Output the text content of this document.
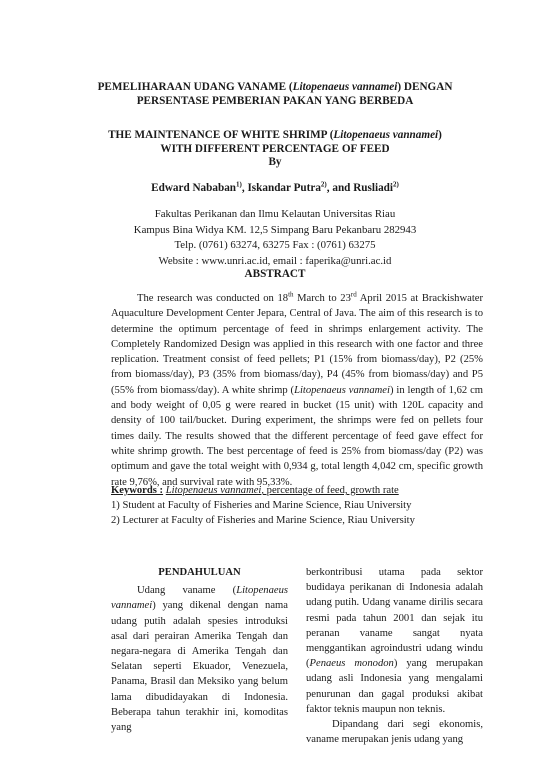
PEMELIHARAAN UDANG VANAME (Litopenaeus vannamei) DENGAN PERSENTASE PEMBERIAN PAKAN YANG BERBEDA
THE MAINTENANCE OF WHITE SHRIMP (Litopenaeus vannamei) WITH DIFFERENT PERCENTAGE OF FEED
By
Edward Nababan$^{1)}$, Iskandar Putra$^{2)}$, and Rusliadi$^{2)}$
Fakultas Perikanan dan Ilmu Kelautan Universitas Riau
Kampus Bina Widya KM. 12,5 Simpang Baru Pekanbaru 282943
Telp. (0761) 63274, 63275 Fax : (0761) 63275
Website : www.unri.ac.id, email : faperika@unri.ac.id
ABSTRACT

The research was conducted on 18th March to 23rd April 2015 at Brackishwater Aquaculture Development Center Jepara, Central of Java. The aim of this research is to determine the optimum percentage of feed in shrimps enlargement activity. The Completely Randomized Design was applied in this research with one factor and three replication. Treatment consist of feed pellets; P1 (15% from biomass/day), P2 (25% from biomass/day), P3 (35% from biomass/day), P4 (45% from biomass/day) and P5 (55% from biomass/day). A white shrimp (Litopenaeus vannamei) in length of 1,62 cm and body weight of 0,05 g were reared in bucket (15 unit) with 120L capacity and density of 100 tail/bucket. During experiment, the shrimps were fed on pellets four times daily. The results showed that the different percentage of feed gave effect for white shrimp growth. The best percentage of feed is 25% from biomass/day (P2) was optimum and gave the total weight with 0,934 g, total length 4,042 cm, specific growth rate 9,76%, and survival rate with 95,33%.

Keywords : Litopenaeus vannamei, percentage of feed, growth rate
1) Student at Faculty of Fisheries and Marine Science, Riau University
2) Lecturer at Faculty of Fisheries and Marine Science, Riau University
PENDAHULUAN

Udang vaname (Litopenaeus vannamei) yang dikenal dengan nama udang putih adalah spesies introduksi asal dari perairan Amerika Tengah dan negara-negara di Amerika Tengah dan Selatan seperti Ekuador, Venezuela, Panama, Brasil dan Meksiko yang belum lama dibudidayakan di Indonesia. Beberapa tahun terakhir ini, komoditas yang

berkontribusi utama pada sektor budidaya perikanan di Indonesia adalah udang putih. Udang vaname dirilis secara resmi pada tahun 2001 dan sejak itu peranan vaname sangat nyata menggantikan agroindustri udang windu (Penaeus monodon) yang merupakan udang asli Indonesia yang mengalami penurunan dan gagal produksi akibat faktor teknis maupun non teknis.

Dipandang dari segi ekonomis, vaname merupakan jenis udang yang
